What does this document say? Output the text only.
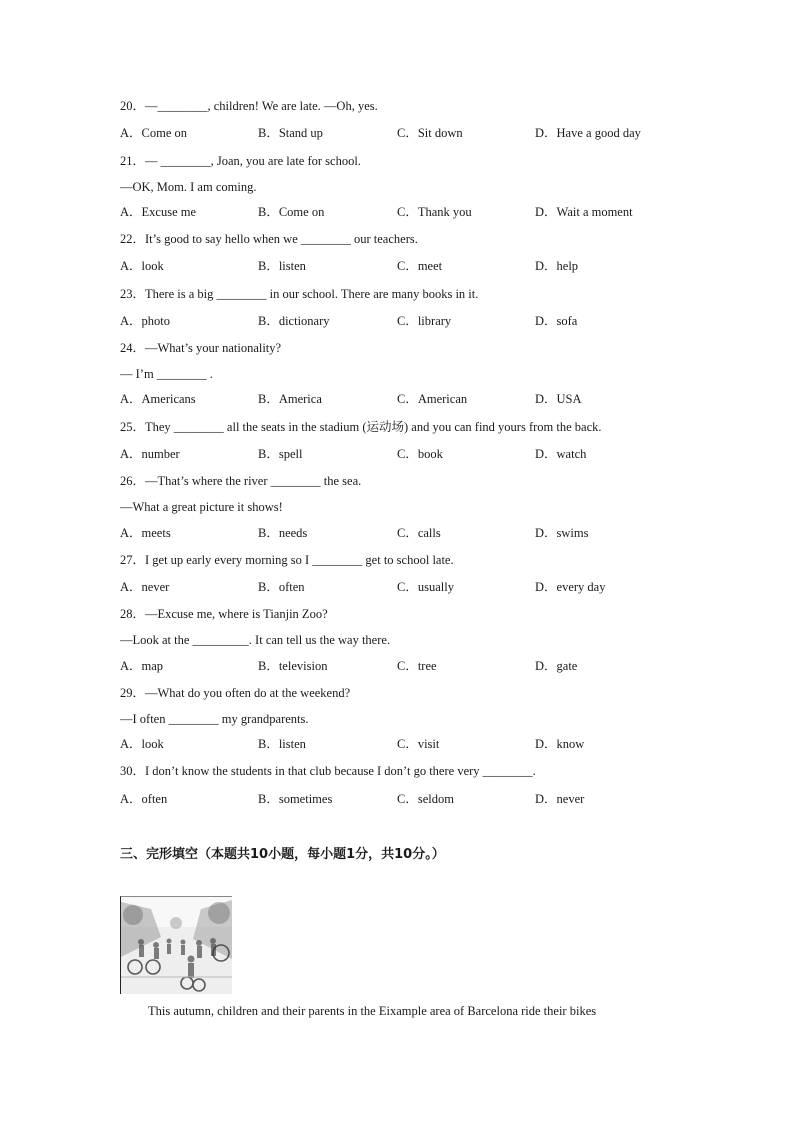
20．—________, children! We are late. —Oh, yes.
A．Come on	B．Stand up	C．Sit down	D．Have a good day
21．— ________, Joan, you are late for school.
—OK, Mom. I am coming.
A．Excuse me	B．Come on	C．Thank you	D．Wait a moment
22．It’s good to say hello when we ________ our teachers.
A．look	B．listen	C．meet	D．help
23．There is a big ________ in our school. There are many books in it.
A．photo	B．dictionary	C．library	D．sofa
24．—What’s your nationality?
— I’m ________ .
A．Americans	B．America	C．American	D．USA
25．They ________ all the seats in the stadium (运动场) and you can find yours from the back.
A．number	B．spell	C．book	D．watch
26．—That’s where the river ________ the sea.
—What a great picture it shows!
A．meets	B．needs	C．calls	D．swims
27．I get up early every morning so I ________ get to school late.
A．never	B．often	C．usually	D．every day
28．—Excuse me, where is Tianjin Zoo?
—Look at the _________. It can tell us the way there.
A．map	B．television	C．tree	D．gate
29．—What do you often do at the weekend?
—I often ________ my grandparents.
A．look	B．listen	C．visit	D．know
30．I don’t know the students in that club because I don’t go there very ________.
A．often	B．sometimes	C．seldom	D．never
三、完形填空（本题共10小题，每小题1分，共10分。）
This autumn, children and their parents in the Eixample area of Barcelona ride their bikes
